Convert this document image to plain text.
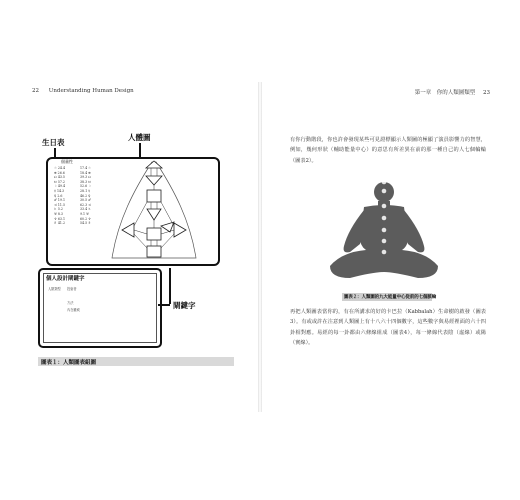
22 Understanding Human Design
生日表
人體圖
個量性
☉ 24.4
⊕ 26.6
☊ 43.5
☋ 57.2
☽ 49.4
☿ 14.3
♀ 2.6
♂ 19.1
♃ 11.5
♄ 5.2
♅ 8.3
♆ 63.1
♇ 41.2
17.4 ☉
18.4 ⊕
39.3 ☊
38.3 ☋
52.6 ☽
28.1 ☿
46.2 ♀
30.5 ♂
62.3 ♃
33.4 ♄
9.1 ♅
60.2 ♆
54.5 ♇
個人設計閘鍵字
人類類型 投射者
方法
內在權威	閘鍵字
圖表１：人類圖表組圖
第一章　你的人類圖類型 23

有你行動階段，你也許會發現某些可見證標顯示人類圖的極顯了演員影響力的智慧，例如，幾何形狀（輔助能量中心）的意思有所差異在前的那一種自己的人七個輪輪（圖表2）。

圖表２：人類圖的九大能量中心從前的七個脈輪

再把人類圖表當你的，有在所講求的好的卡巴拉（Kabbalah）生命樹的啟發（圖表3）。有或或許在注意到人類圖上有十八六十四個數字，這些數字與易經裡面的六十四卦相對應。易經的每一卦都由六條線組成（圖表4），每一條線代表陰（虛線）或陽（實線）。
